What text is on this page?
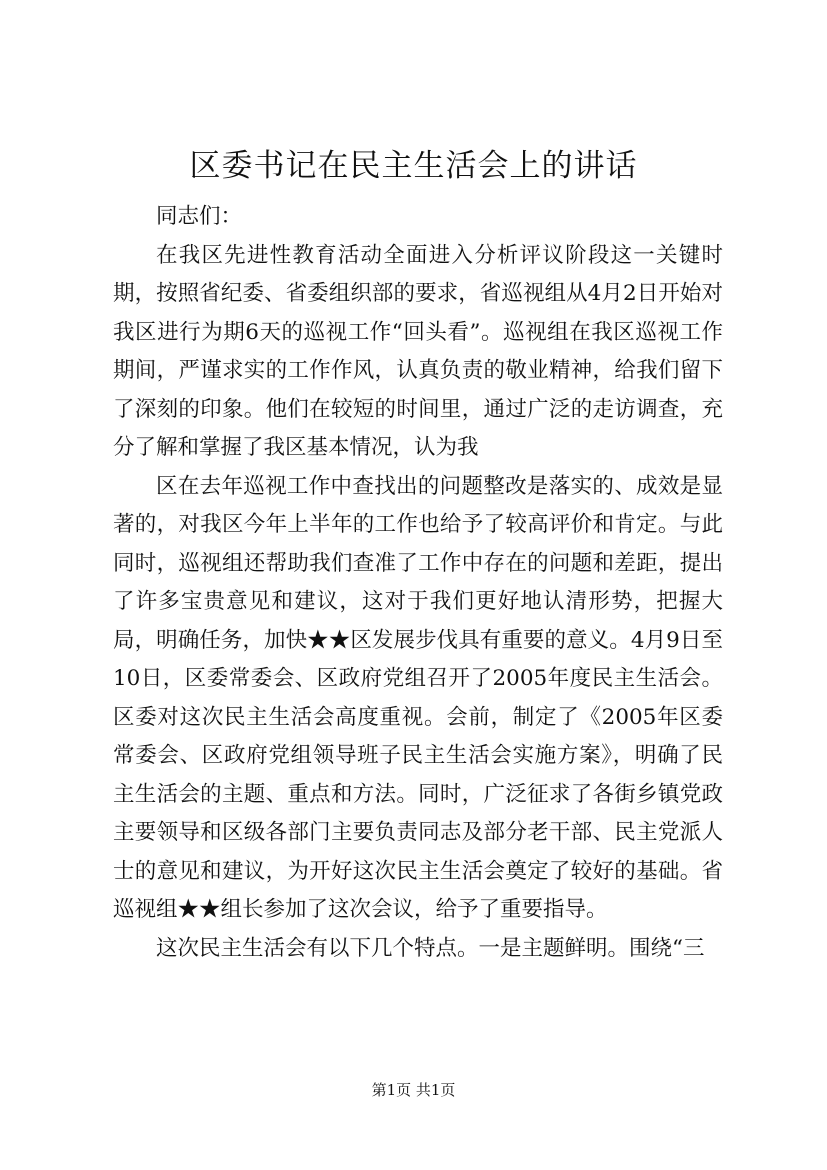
区委书记在民主生活会上的讲话

同志们：

在我区先进性教育活动全面进入分析评议阶段这一关键时期，按照省纪委、省委组织部的要求，省巡视组从4月2日开始对我区进行为期6天的巡视工作“回头看”。巡视组在我区巡视工作期间，严谨求实的工作作风，认真负责的敬业精神，给我们留下了深刻的印象。他们在较短的时间里，通过广泛的走访调查，充分了解和掌握了我区基本情况，认为我

区在去年巡视工作中查找出的问题整改是落实的、成效是显著的，对我区今年上半年的工作也给予了较高评价和肯定。与此同时，巡视组还帮助我们查准了工作中存在的问题和差距，提出了许多宝贵意见和建议，这对于我们更好地认清形势，把握大局，明确任务，加快★★区发展步伐具有重要的意义。4月9日至10日，区委常委会、区政府党组召开了2005年度民主生活会。区委对这次民主生活会高度重视。会前，制定了《2005年区委常委会、区政府党组领导班子民主生活会实施方案》，明确了民主生活会的主题、重点和方法。同时，广泛征求了各街乡镇党政主要领导和区级各部门主要负责同志及部分老干部、民主党派人士的意见和建议，为开好这次民主生活会奠定了较好的基础。省巡视组★★组长参加了这次会议，给予了重要指导。

这次民主生活会有以下几个特点。一是主题鲜明。围绕“三

第1页 共1页
